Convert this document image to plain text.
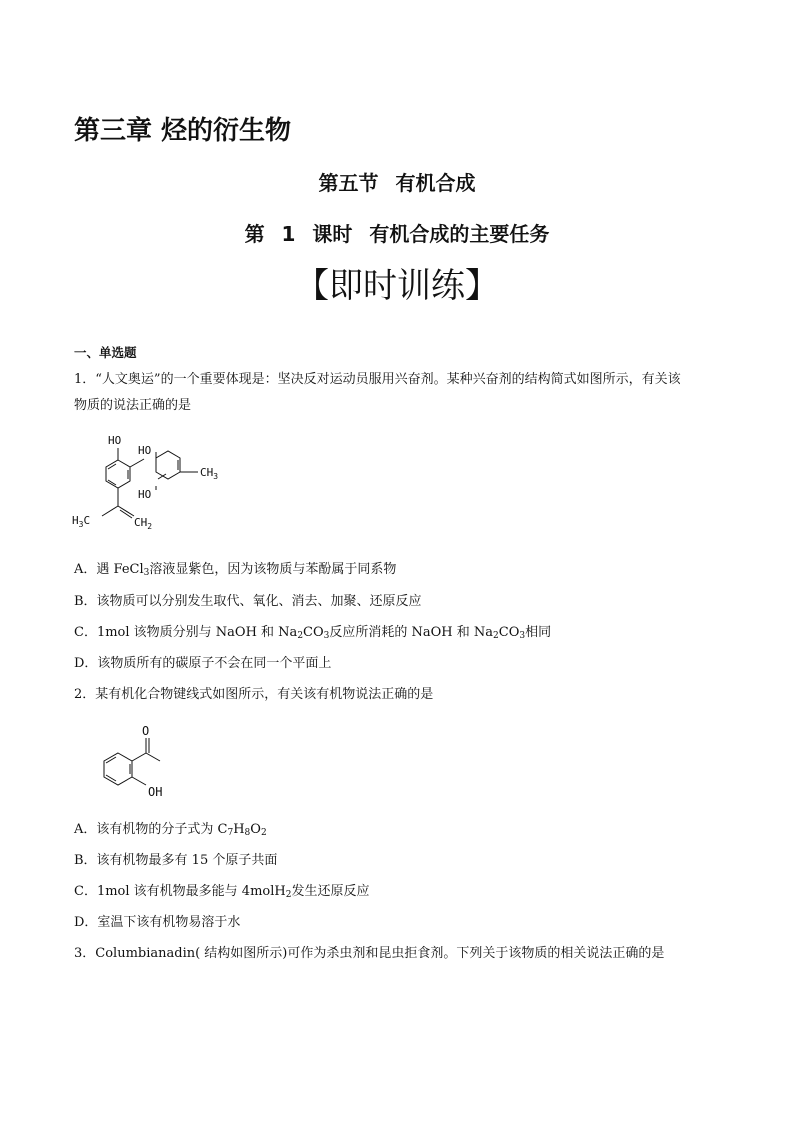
第三章 烃的衍生物
第五节 有机合成
第 1 课时 有机合成的主要任务
【即时训练】
一、单选题
1．“人文奥运”的一个重要体现是：坚决反对运动员服用兴奋剂。某种兴奋剂的结构简式如图所示，有关该
物质的说法正确的是
HO
HO
HO
$CH_3$
$H_3C$	$CH_2$
A．遇 FeCl$_3$溶液显紫色，因为该物质与苯酚属于同系物
B．该物质可以分别发生取代、氧化、消去、加聚、还原反应
C．1mol 该物质分别与 NaOH 和 $Na_2CO_3$反应所消耗的 NaOH 和 $Na_2CO_3$相同
D．该物质所有的碳原子不会在同一个平面上
2．某有机化合物键线式如图所示，有关该有机物说法正确的是
O
OH
A．该有机物的分子式为 $C_7H_8O_2$
B．该有机物最多有 15 个原子共面
C．1mol 该有机物最多能与 4molH$_2$发生还原反应
D．室温下该有机物易溶于水
3．Columbianadin( 结构如图所示)可作为杀虫剂和昆虫拒食剂。下列关于该物质的相关说法正确的是
